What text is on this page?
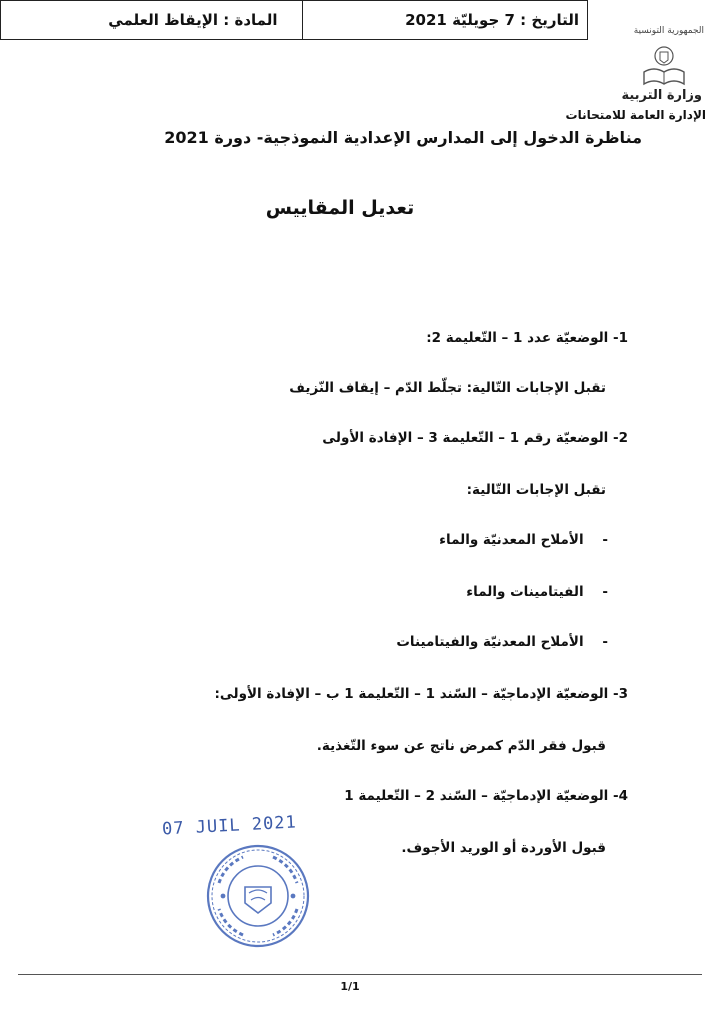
الجمهورية التونسية
وزارة التربية
الإدارة العامة للامتحانات
مناظرة الدخول إلى المدارس الإعدادية النموذجية- دورة 2021
تعديل المقاييس
التاريخ : 7 جويليّة 2021
المادة : الإيقاظ العلمي
1- الوضعيّة عدد 1 – التّعليمة 2:
تقبل الإجابات التّالية: تجلّط الدّم – إيقاف النّزيف
2- الوضعيّة رقم 1 – التّعليمة 3 – الإفادة الأولى
تقبل الإجابات التّالية:
-    الأملاح المعدنيّة والماء
-    الفيتامينات والماء
-    الأملاح المعدنيّة والفيتامينات
3- الوضعيّة الإدماجيّة – السّند 1 – التّعليمة 1 ب – الإفادة الأولى:
قبول فقر الدّم كمرض ناتج عن سوء التّغذية.
4- الوضعيّة الإدماجيّة – السّند 2 – التّعليمة 1
قبول الأوردة أو الوريد الأجوف.
07 JUIL 2021
1/1
